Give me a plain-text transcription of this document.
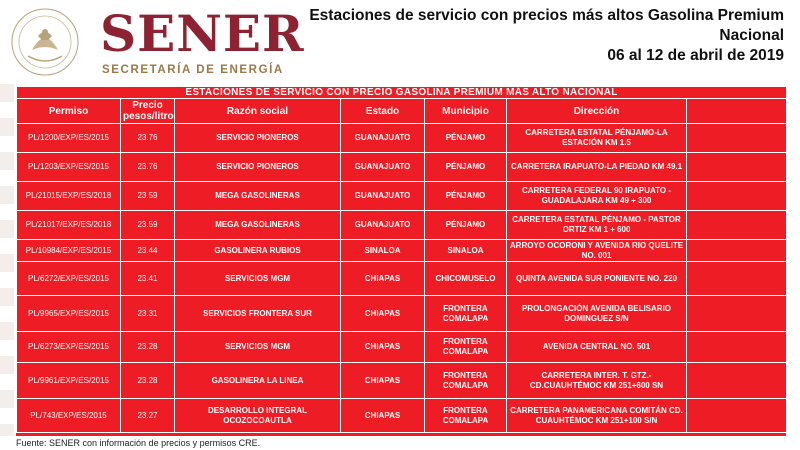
SENER
SECRETARÍA DE ENERGÍA
Estaciones de servicio con precios más altos Gasolina Premium
Nacional
06 al 12 de abril de 2019
ESTACIONES DE SERVICIO CON PRECIO GASOLINA PREMIUM MÁS ALTO NACIONAL						
Permiso	Precio pesos/litro	Razón social	Estado	Municipio	Dirección	
PL/1200/EXP/ES/2015	23.76	SERVICIO PIONEROS	GUANAJUATO	PÉNJAMO	CARRETERA ESTATAL PÉNJAMO-LA ESTACIÓN KM 1.5	
PL/1203/EXP/ES/2015	23.76	SERVICIO PIONEROS	GUANAJUATO	PÉNJAMO	CARRETERA IRAPUATO-LA PIEDAD KM 49.1	
PL/21015/EXP/ES/2018	23.59	MEGA GASOLINERAS	GUANAJUATO	PÉNJAMO	CARRETERA FEDERAL 90 IRAPUATO - GUADALAJARA KM 49 + 300	
PL/21017/EXP/ES/2018	23.59	MEGA GASOLINERAS	GUANAJUATO	PÉNJAMO	CARRETERA ESTATAL PÉNJAMO - PASTOR ORTIZ KM 1 + 600	
PL/10984/EXP/ES/2015	23.44	GASOLINERA RUBIOS	SINALOA	SINALOA	ARROYO OCORONI Y AVENIDA RIO QUELITE NO. 001	
PL/6272/EXP/ES/2015	23.41	SERVICIOS MGM	CHIAPAS	CHICOMUSELO	QUINTA AVENIDA SUR PONIENTE NO. 220	
PL/9965/EXP/ES/2015	23.31	SERVICIOS FRONTERA SUR	CHIAPAS	FRONTERA COMALAPA	PROLONGACIÓN AVENIDA BELISARIO DOMINGUEZ S/N	
PL/6273/EXP/ES/2015	23.28	SERVICIOS MGM	CHIAPAS	FRONTERA COMALAPA	AVENIDA CENTRAL NO. 501	
PL/9961/EXP/ES/2015	23.28	GASOLINERA LA LINEA	CHIAPAS	FRONTERA COMALAPA	CARRETERA INTER. T. GTZ.- CD.CUAUHTÉMOC KM 251+600 SN	
PL/743/EXP/ES/2015	23.27	DESARROLLO INTEGRAL OCOZOCOAUTLA	CHIAPAS	FRONTERA COMALAPA	CARRETERA PANAMERICANA COMITÁN CD. CUAUHTÉMOC KM 251+100 S/N	
Fuente: SENER con información de precios y permisos CRE.
